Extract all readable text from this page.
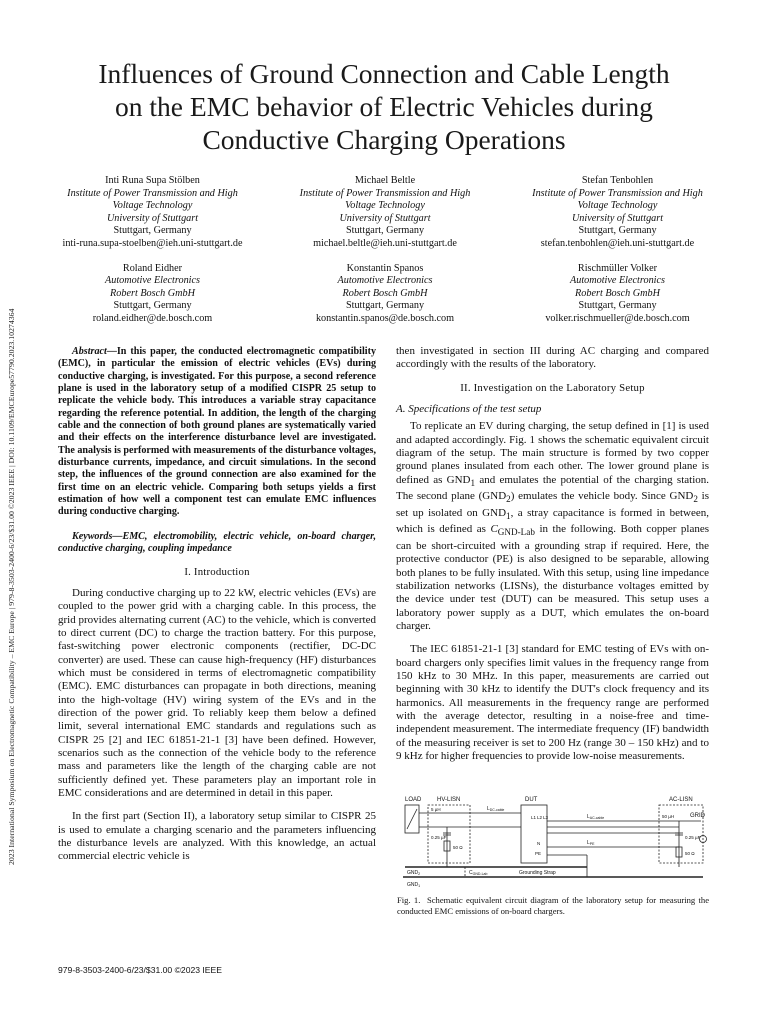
2023 International Symposium on Electromagnetic Compatibility – EMC Europe | 979-8-3503-2400-6/23/$31.00 ©2023 IEEE | DOI: 10.1109/EMCEurope57790.2023.10274364
Influences of Ground Connection and Cable Length
on the EMC behavior of Electric Vehicles during
Conductive Charging Operations
Inti Runa Supa Stölben
Institute of Power Transmission and High
Voltage Technology
University of Stuttgart
Stuttgart, Germany
inti-runa.supa-stoelben@ieh.uni-stuttgart.de
Michael Beltle
Institute of Power Transmission and High
Voltage Technology
University of Stuttgart
Stuttgart, Germany
michael.beltle@ieh.uni-stuttgart.de
Stefan Tenbohlen
Institute of Power Transmission and High
Voltage Technology
University of Stuttgart
Stuttgart, Germany
stefan.tenbohlen@ieh.uni-stuttgart.de
Roland Eidher
Automotive Electronics
Robert Bosch GmbH
Stuttgart, Germany
roland.eidher@de.bosch.com
Konstantin Spanos
Automotive Electronics
Robert Bosch GmbH
Stuttgart, Germany
konstantin.spanos@de.bosch.com
Rischmüller Volker
Automotive Electronics
Robert Bosch GmbH
Stuttgart, Germany
volker.rischmueller@de.bosch.com

Abstract—In this paper, the conducted electromagnetic compatibility (EMC), in particular the emission of electric vehicles (EVs) during conductive charging, is investigated. For this purpose, a second reference plane is used in the laboratory setup of a modified CISPR 25 setup to replicate the vehicle body. This introduces a variable stray capacitance regarding the reference potential. In addition, the length of the charging cable and the connection of both ground planes are systematically varied and their effects on the interference disturbance level are investigated. The analysis is performed with measurements of the disturbance voltages, disturbance currents, impedance, and circuit simulations. In the second step, the influences of the ground connection are also examined for the first time on an electric vehicle. Comparing both setups yields a first estimation of how well a component test can emulate EMC influences during conductive charging.

Keywords—EMC, electromobility, electric vehicle, on-board charger, conductive charging, coupling impedance

I. Introduction

During conductive charging up to 22 kW, electric vehicles (EVs) are coupled to the power grid with a charging cable. In this process, the grid provides alternating current (AC) to the vehicle, which is converted to direct current (DC) to charge the traction battery. For this purpose, fast-switching power electronic components (rectifier, DC-DC converter) are used. These can cause high-frequency (HF) disturbances which must be considered in terms of electromagnetic compatibility (EMC). EMC disturbances can propagate in both directions, meaning into the high-voltage (HV) wiring system of the EVs and in the direction of the power grid. To reliably keep them below a defined limit, several international EMC standards and regulations such as CISPR 25 [2] and IEC 61851-21-1 [3] have been defined. However, scenarios such as the connection of the vehicle body to the reference mass and parameters like the length of the charging cable are not sufficiently defined yet. These parameters play an important role in EMC considerations and are determined in detail in this paper.

In the first part (Section II), a laboratory setup similar to CISPR 25 is used to emulate a charging scenario and the parameters influencing the disturbance levels are analyzed. With this knowledge, an actual commercial electric vehicle is

then investigated in section III during AC charging and compared accordingly with the results of the laboratory.

II. Investigation on the Laboratory Setup

A. Specifications of the test setup

To replicate an EV during charging, the setup defined in [1] is used and adapted accordingly. Fig. 1 shows the schematic equivalent circuit diagram of the setup. The main structure is formed by two copper ground planes insulated from each other. The lower ground plane is defined as $GND_1$ and emulates the potential of the charging station. The second plane $(GND_2)$ emulates the vehicle body. Since $GND_2$ is set up isolated on $GND_1$, a stray capacitance is formed in between, which is defined as $C_{GND-Lab}$ in the following. Both copper planes can be short-circuited with a grounding strap if required. Here, the protective conductor (PE) is also designed to be separable, allowing both planes to be fully insulated. With this setup, using line impedance stabilization networks (LISNs), the disturbance voltages emitted by the device under test (DUT) can be measured. This setup uses a laboratory power supply as a DUT, which emulates the on-board charger.

The IEC 61851-21-1 [3] standard for EMC testing of EVs with on-board chargers only specifies limit values in the frequency range from 150 kHz to 30 MHz. In this paper, measurements are carried out beginning with 30 kHz to identify the DUT's clock frequency and its harmonics. All measurements in the frequency range are performed with the average detector, resulting in a noise-free and time-independent measurement. The intermediate frequency (IF) bandwidth of the measuring receiver is set to 200 Hz (range 30 – 150 kHz) and to 9 kHz for higher frequencies to provide low-noise measurements.

LOAD	HV-LISN	DUT	AC-LISN
GRID
5 µH
0.25 µF
50 Ω
$L_{DC-cable}$
$L_{AC-cable}$
$L_{PE}$
50 µH
0.25 µF
50 Ω
L1 L2 L3
N
PE
$GND_2$
$GND_1$
$C_{GND-Lab}$	Grounding Strap
Fig. 1. Schematic equivalent circuit diagram of the laboratory setup for measuring the conducted EMC emissions of on-board chargers.
979-8-3503-2400-6/23/$31.00 ©2023 IEEE
